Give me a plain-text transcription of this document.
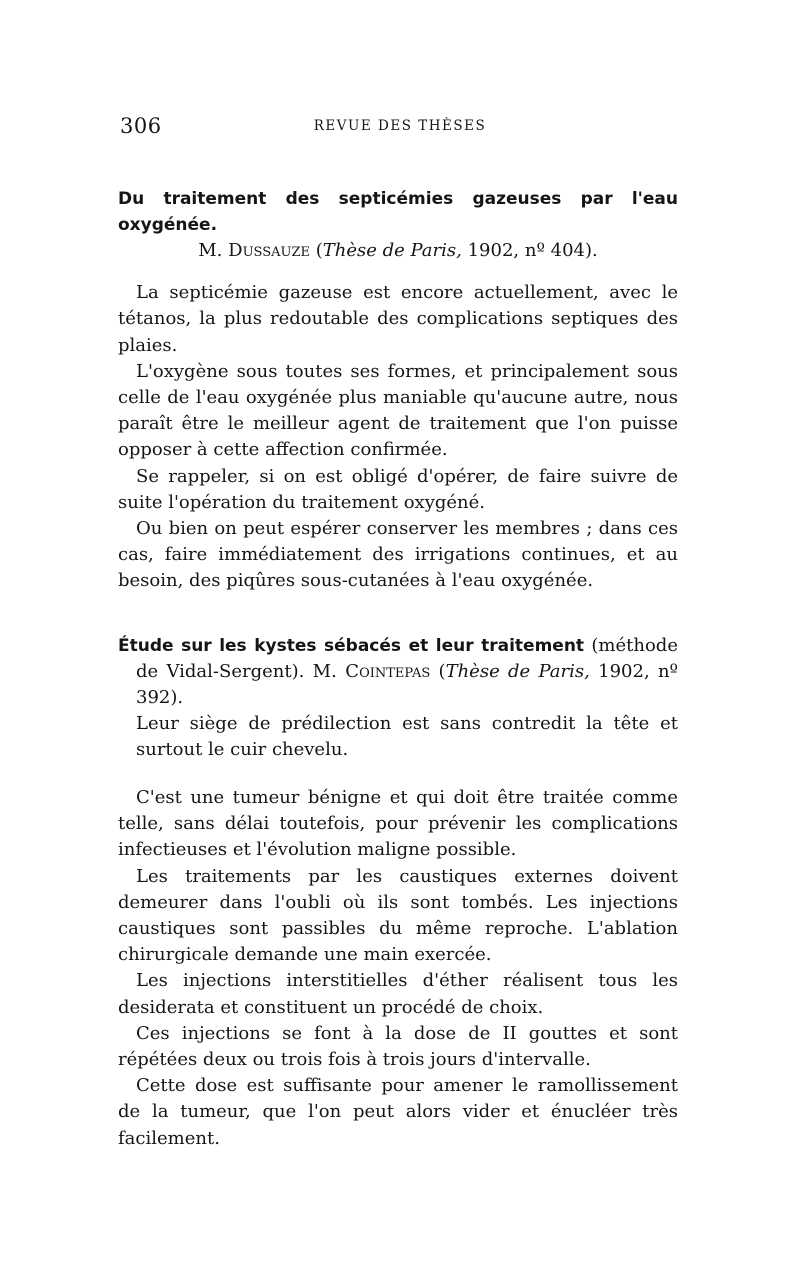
306	REVUE DES THÈSES
Du traitement des septicémies gazeuses par l'eau oxygénée.

M. Dussauze (Thèse de Paris, 1902, nº 404).

La septicémie gazeuse est encore actuellement, avec le tétanos, la plus redoutable des complications septiques des plaies.

L'oxygène sous toutes ses formes, et principalement sous celle de l'eau oxygénée plus maniable qu'aucune autre, nous paraît être le meilleur agent de traitement que l'on puisse opposer à cette affection confirmée.

Se rappeler, si on est obligé d'opérer, de faire suivre de suite l'opération du traitement oxygéné.

Ou bien on peut espérer conserver les membres ; dans ces cas, faire immédiatement des irrigations continues, et au besoin, des piqûres sous-cutanées à l'eau oxygénée.

Étude sur les kystes sébacés et leur traitement (méthode de Vidal-Sergent). M. Cointepas (Thèse de Paris, 1902, nº 392).

Leur siège de prédilection est sans contredit la tête et surtout le cuir chevelu.

C'est une tumeur bénigne et qui doit être traitée comme telle, sans délai toutefois, pour prévenir les complications infectieuses et l'évolution maligne possible.

Les traitements par les caustiques externes doivent demeurer dans l'oubli où ils sont tombés. Les injections caustiques sont passibles du même reproche. L'ablation chirurgicale demande une main exercée.

Les injections interstitielles d'éther réalisent tous les desiderata et constituent un procédé de choix.

Ces injections se font à la dose de II gouttes et sont répétées deux ou trois fois à trois jours d'intervalle.

Cette dose est suffisante pour amener le ramollissement de la tumeur, que l'on peut alors vider et énucléer très facilement.
